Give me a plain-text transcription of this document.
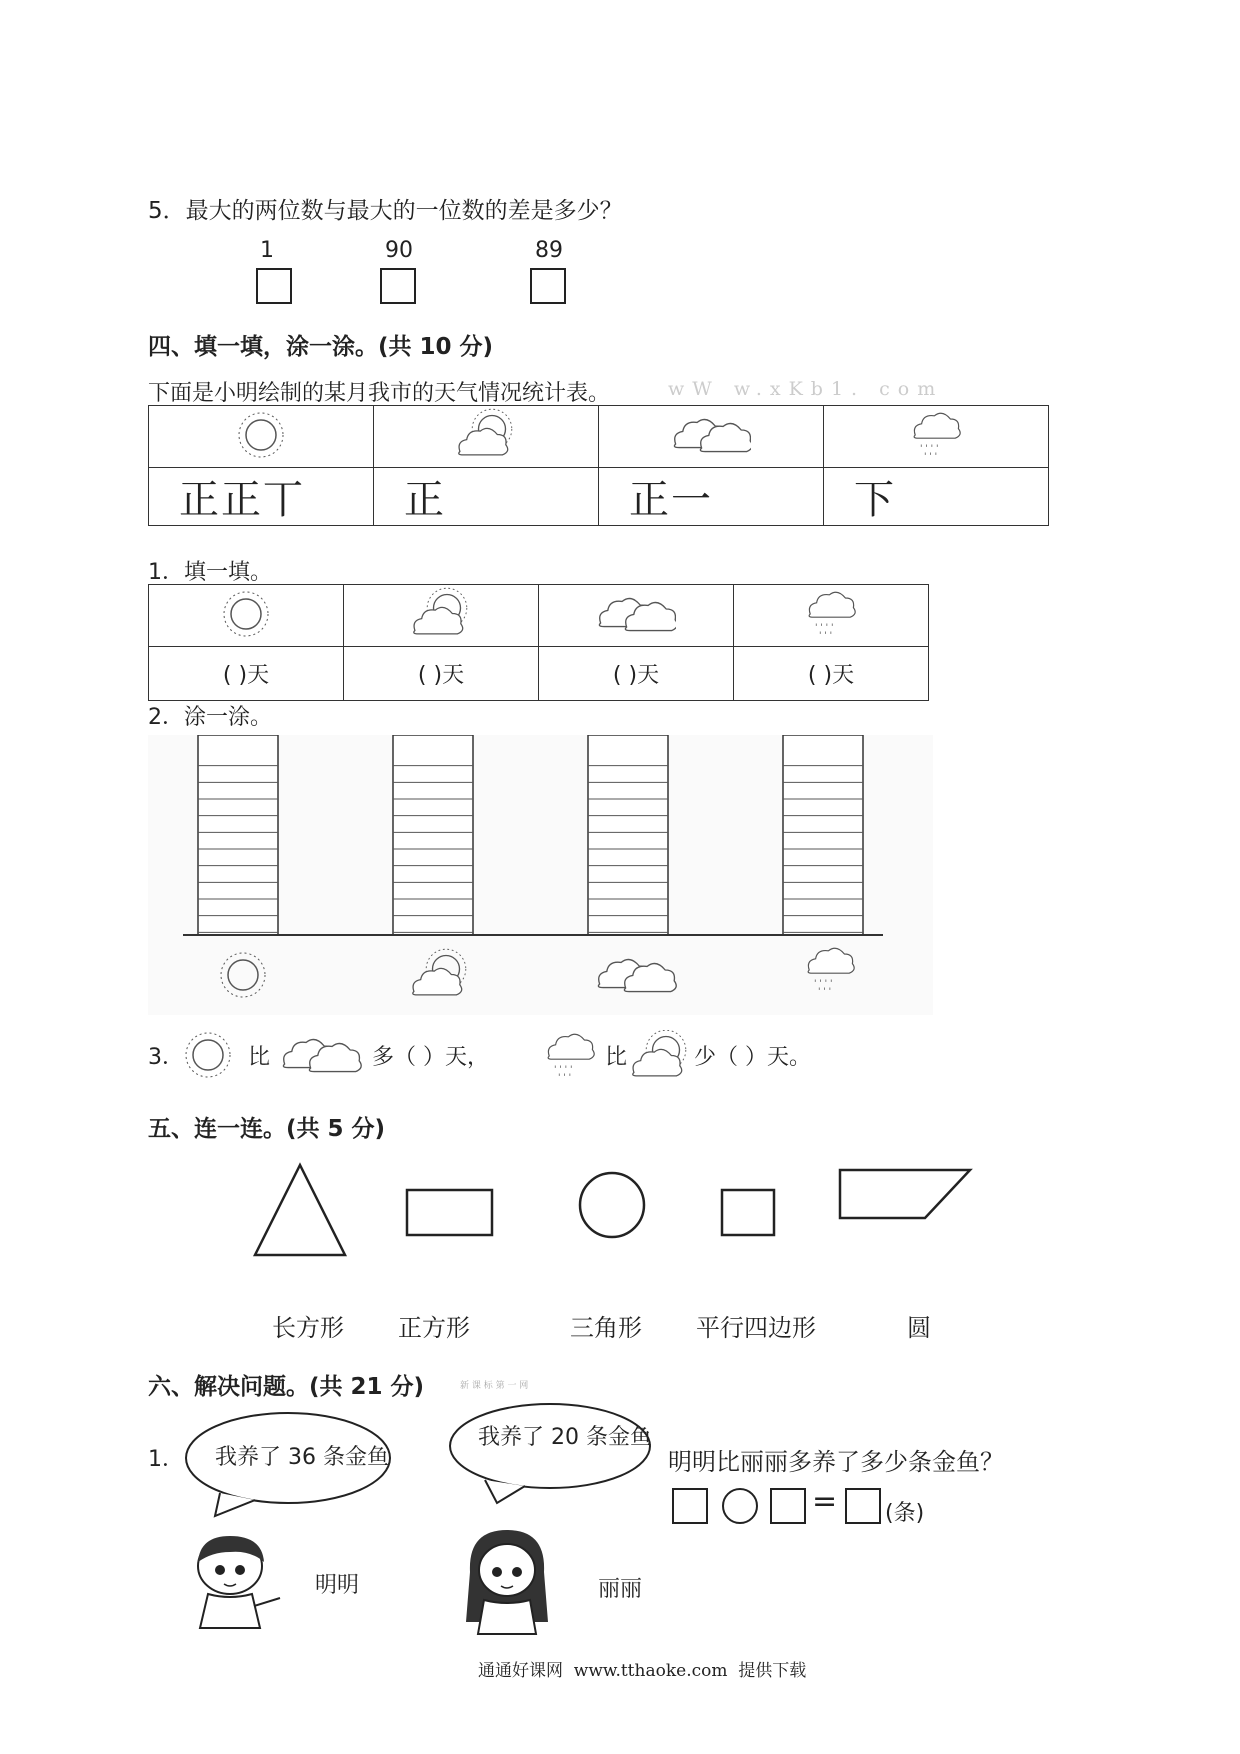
5．最大的两位数与最大的一位数的差是多少？
1	90	89
四、填一填，涂一涂。(共 10 分)
下面是小明绘制的某月我市的天气情况统计表。	wW w.xKb1. com

' ' ' '
' ' '

正正丅	正	正一	下
1．填一填。

' ' ' '
' ' '

( )天	( )天	( )天	( )天
2．涂一涂。
' ' ' '
' ' '
3．	比	多（ ）天，	' ' ' '
' ' '
比	少（ ）天。
五、连一连。(共 5 分)
长方形 正方形	三角形 平行四边形	圆
六、解决问题。(共 21 分)	新 课 标 第 一 网
1． 我养了 36 条金鱼
我养了 20 条金鱼
明明比丽丽多养了多少条金鱼？
= (条)
明明	丽丽
通通好课网  www.tthaoke.com  提供下载
